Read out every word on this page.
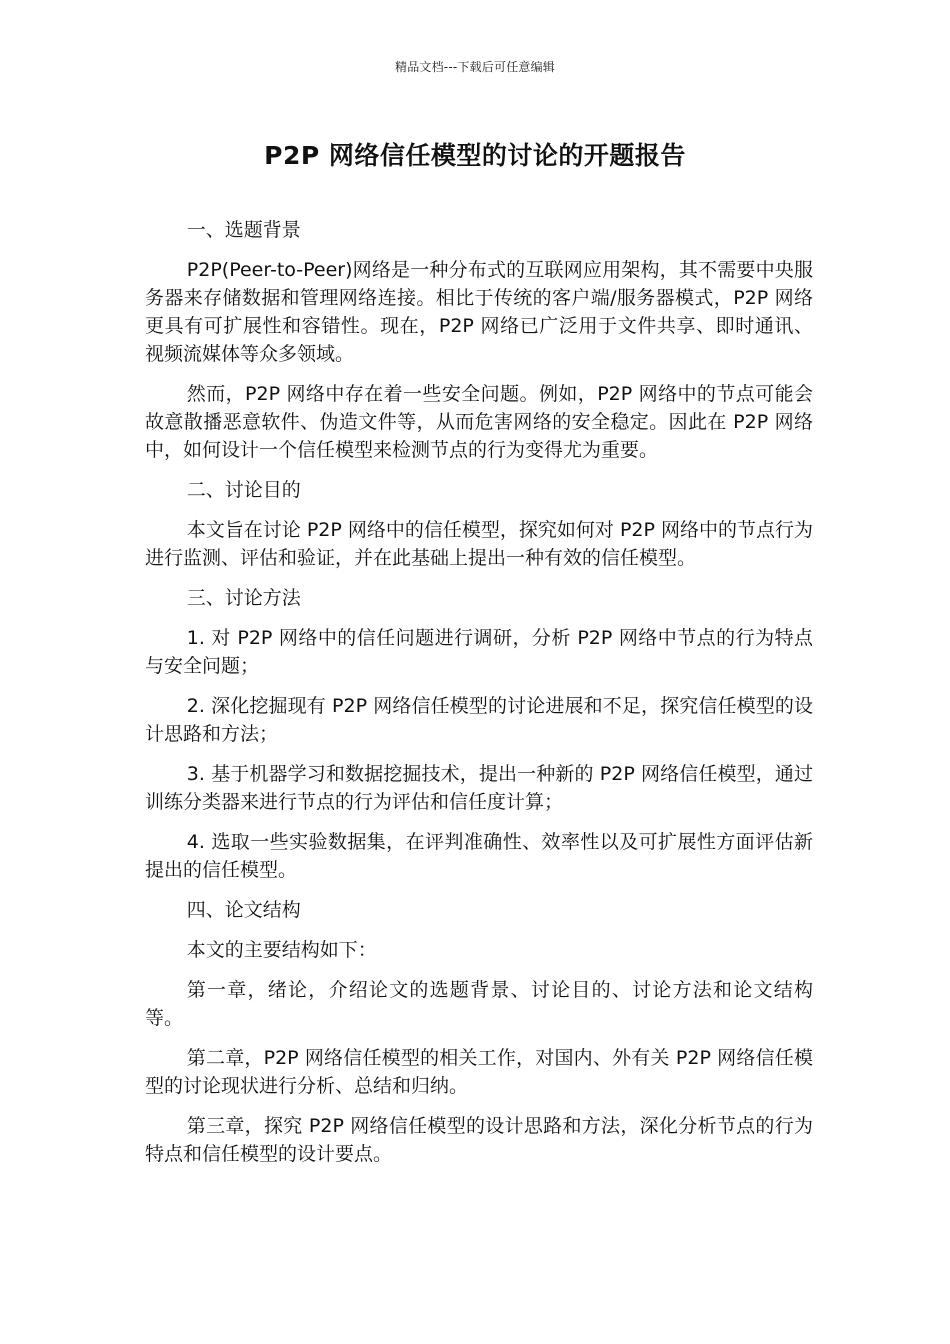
精品文档---下载后可任意编辑
P2P 网络信任模型的讨论的开题报告

一、选题背景

P2P(Peer-to-Peer)网络是一种分布式的互联网应用架构，其不需要中央服务器来存储数据和管理网络连接。相比于传统的客户端/服务器模式，P2P 网络更具有可扩展性和容错性。现在，P2P 网络已广泛用于文件共享、即时通讯、视频流媒体等众多领域。

然而，P2P 网络中存在着一些安全问题。例如，P2P 网络中的节点可能会故意散播恶意软件、伪造文件等，从而危害网络的安全稳定。因此在 P2P 网络中，如何设计一个信任模型来检测节点的行为变得尤为重要。

二、讨论目的

本文旨在讨论 P2P 网络中的信任模型，探究如何对 P2P 网络中的节点行为进行监测、评估和验证，并在此基础上提出一种有效的信任模型。

三、讨论方法

1. 对 P2P 网络中的信任问题进行调研，分析 P2P 网络中节点的行为特点与安全问题；

2. 深化挖掘现有 P2P 网络信任模型的讨论进展和不足，探究信任模型的设计思路和方法；

3. 基于机器学习和数据挖掘技术，提出一种新的 P2P 网络信任模型，通过训练分类器来进行节点的行为评估和信任度计算；

4. 选取一些实验数据集，在评判准确性、效率性以及可扩展性方面评估新提出的信任模型。

四、论文结构

本文的主要结构如下：

第一章，绪论，介绍论文的选题背景、讨论目的、讨论方法和论文结构等。

第二章，P2P 网络信任模型的相关工作，对国内、外有关 P2P 网络信任模型的讨论现状进行分析、总结和归纳。

第三章，探究 P2P 网络信任模型的设计思路和方法，深化分析节点的行为特点和信任模型的设计要点。
